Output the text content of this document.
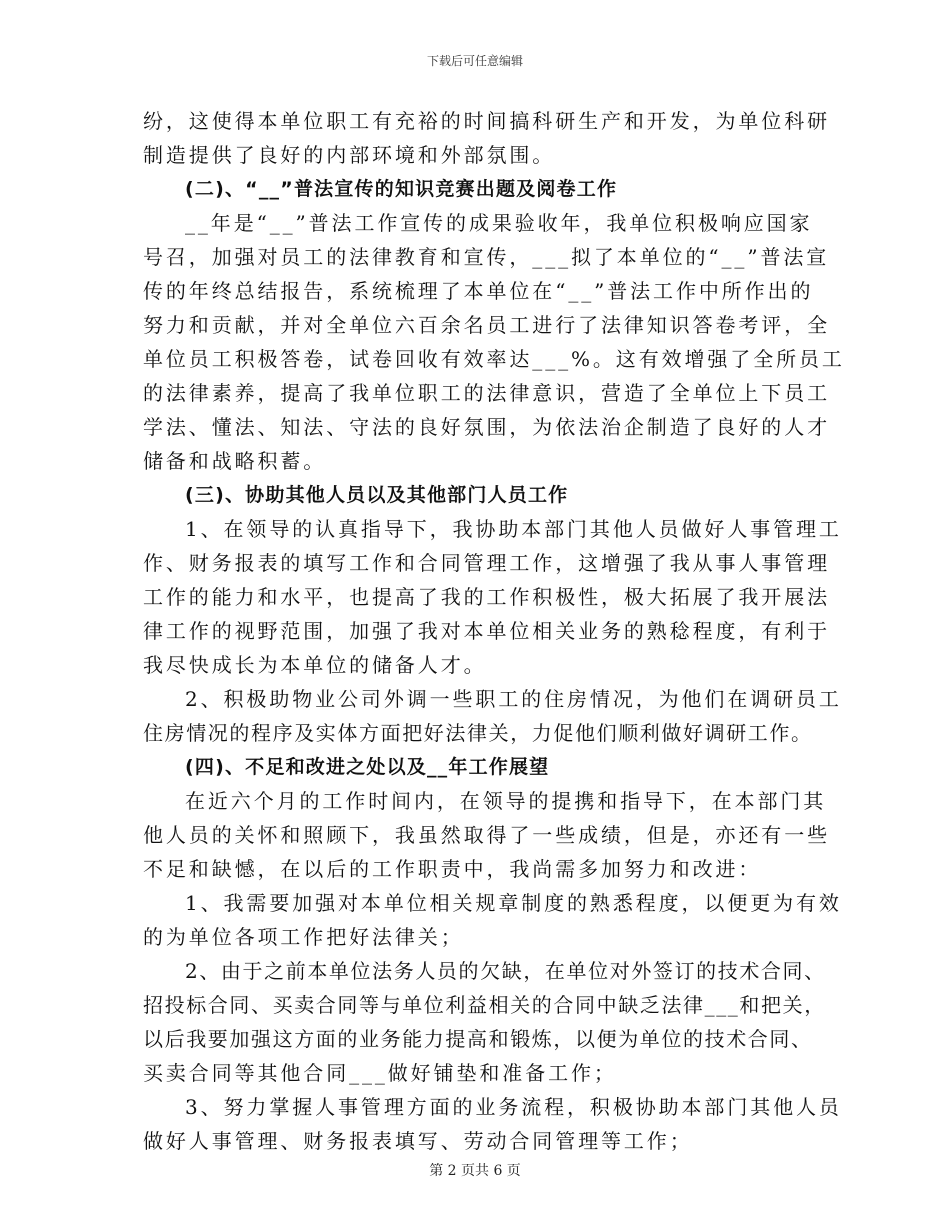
下载后可任意编辑
纷，这使得本单位职工有充裕的时间搞科研生产和开发，为单位科研
制造提供了良好的内部环境和外部氛围。
(二)、“__”普法宣传的知识竞赛出题及阅卷工作
__年是“__”普法工作宣传的成果验收年，我单位积极响应国家
号召，加强对员工的法律教育和宣传，___拟了本单位的“__”普法宣
传的年终总结报告，系统梳理了本单位在“__”普法工作中所作出的
努力和贡献，并对全单位六百余名员工进行了法律知识答卷考评，全
单位员工积极答卷，试卷回收有效率达___%。这有效增强了全所员工
的法律素养，提高了我单位职工的法律意识，营造了全单位上下员工
学法、懂法、知法、守法的良好氛围，为依法治企制造了良好的人才
储备和战略积蓄。
(三)、协助其他人员以及其他部门人员工作
1、在领导的认真指导下，我协助本部门其他人员做好人事管理工
作、财务报表的填写工作和合同管理工作，这增强了我从事人事管理
工作的能力和水平，也提高了我的工作积极性，极大拓展了我开展法
律工作的视野范围，加强了我对本单位相关业务的熟稔程度，有利于
我尽快成长为本单位的储备人才。
2、积极助物业公司外调一些职工的住房情况，为他们在调研员工
住房情况的程序及实体方面把好法律关，力促他们顺利做好调研工作。
(四)、不足和改进之处以及__年工作展望
在近六个月的工作时间内，在领导的提携和指导下，在本部门其
他人员的关怀和照顾下，我虽然取得了一些成绩，但是，亦还有一些
不足和缺憾，在以后的工作职责中，我尚需多加努力和改进：
1、我需要加强对本单位相关规章制度的熟悉程度，以便更为有效
的为单位各项工作把好法律关；
2、由于之前本单位法务人员的欠缺，在单位对外签订的技术合同、
招投标合同、买卖合同等与单位利益相关的合同中缺乏法律___和把关，
以后我要加强这方面的业务能力提高和锻炼，以便为单位的技术合同、
买卖合同等其他合同___做好铺垫和准备工作；
3、努力掌握人事管理方面的业务流程，积极协助本部门其他人员
做好人事管理、财务报表填写、劳动合同管理等工作；
第 2 页共 6 页
